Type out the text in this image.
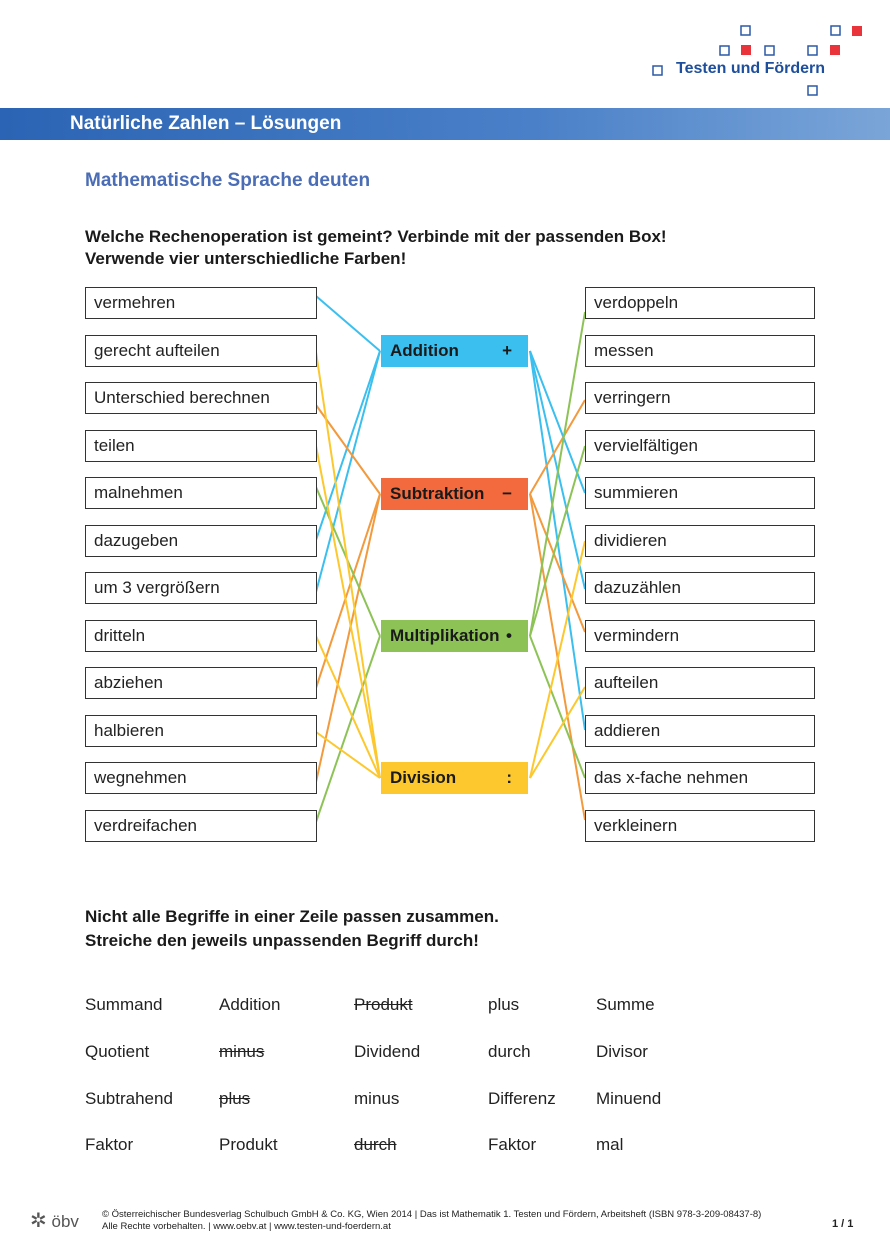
Testen und Fördern
Natürliche Zahlen – Lösungen
Mathematische Sprache deuten
Welche Rechenoperation ist gemeint? Verbinde mit der passenden Box!
Verwende vier unterschiedliche Farben!
vermehren
gerecht aufteilen
Unterschied berechnen
teilen
malnehmen
dazugeben
um 3 vergrößern
dritteln
abziehen
halbieren
wegnehmen
verdreifachen
verdoppeln
messen
verringern
vervielfältigen
summieren
dividieren
dazuzählen
vermindern
aufteilen
addieren
das x-fache nehmen
verkleinern
Addition	+
Subtraktion −
Multiplikation •
Division	:
Nicht alle Begriffe in einer Zeile passen zusammen.
Streiche den jeweils unpassenden Begriff durch!
Summand	Addition	Produkt	plus	Summe
Quotient	minus	Dividend	durch	Divisor
Subtrahend	plus	minus	Differenz Minuend
Faktor	Produkt	durch	Faktor	mal
✲ öbv © Österreichischer Bundesverlag Schulbuch GmbH & Co. KG, Wien 2014 | Das ist Mathematik 1. Testen und Fördern, Arbeitsheft (ISBN 978-3-209-08437-8)
Alle Rechte vorbehalten. | www.oebv.at | www.testen-und-foerdern.at	1 / 1
